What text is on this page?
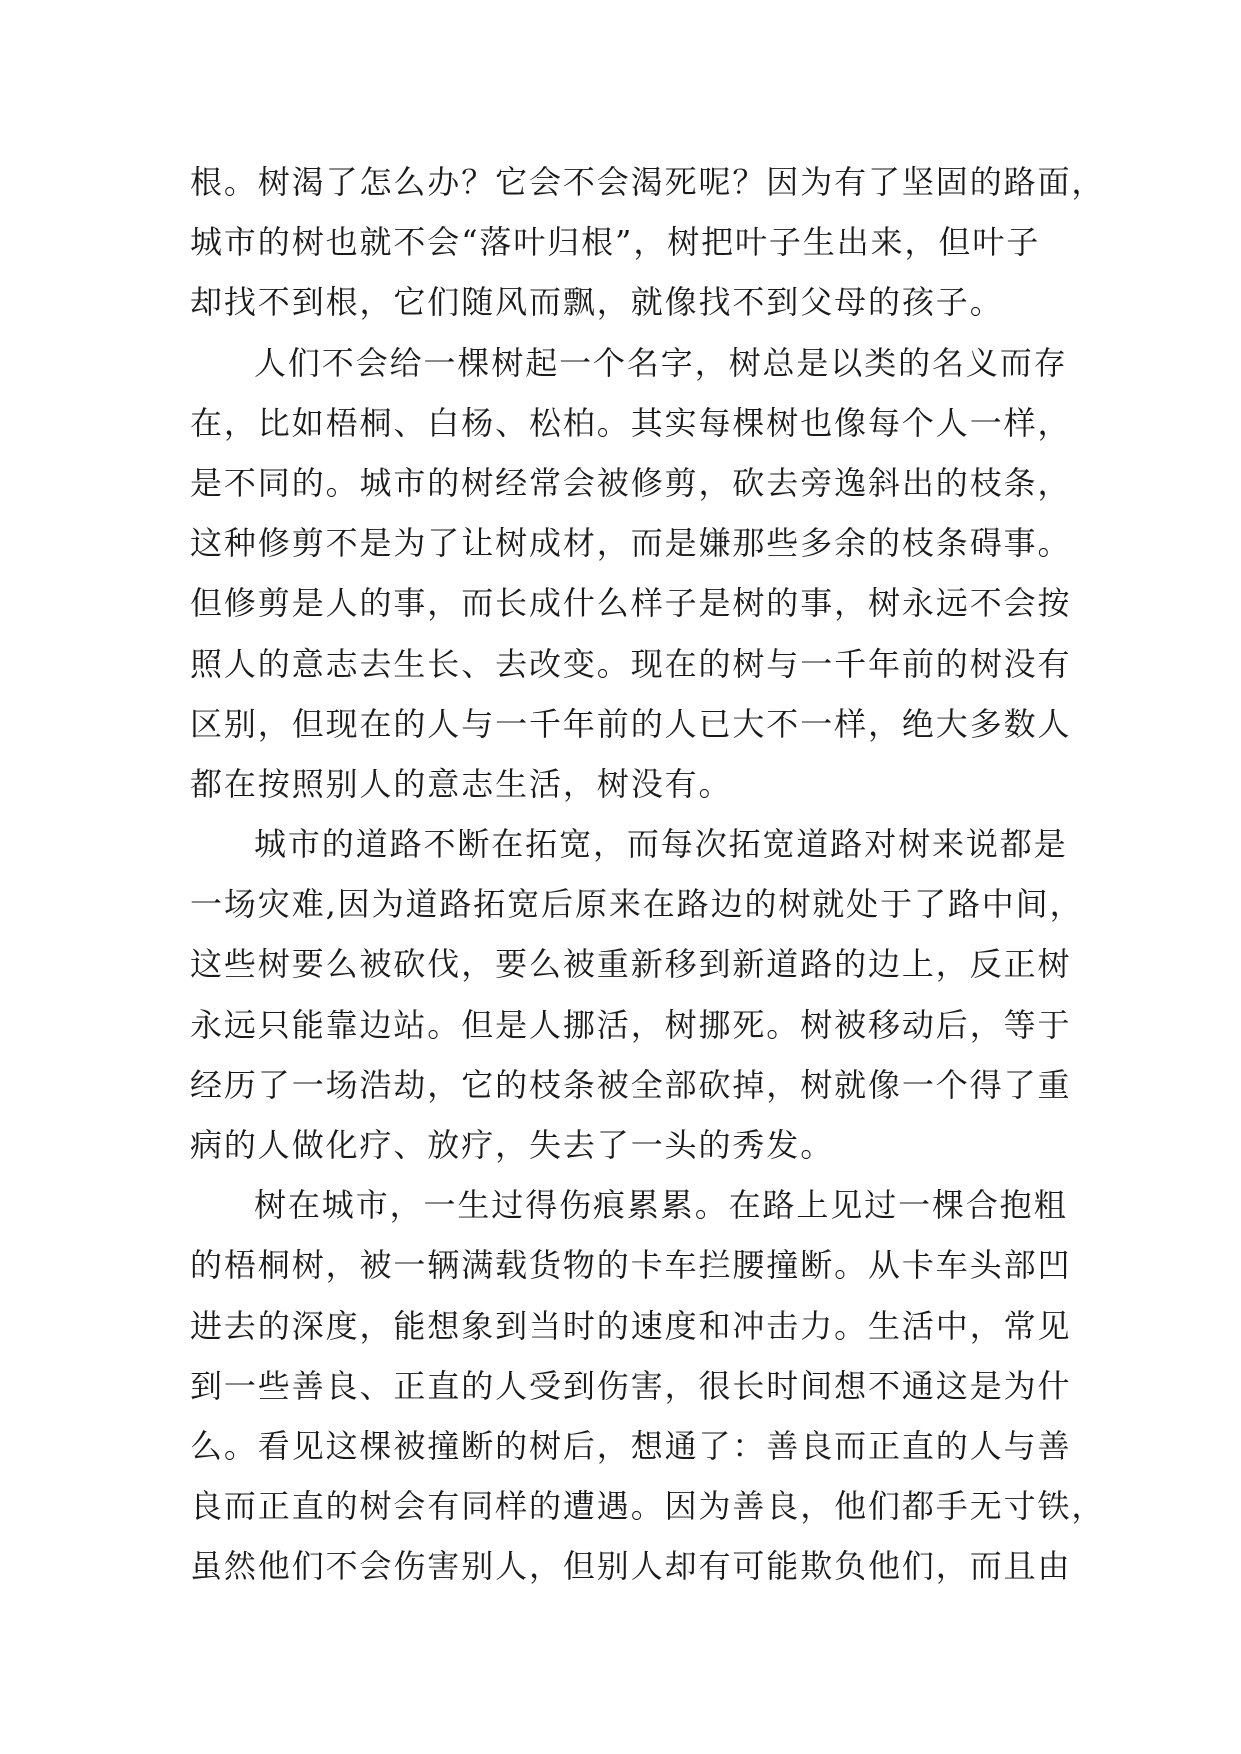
根。树渴了怎么办？它会不会渴死呢？因为有了坚固的路面，
城市的树也就不会“落叶归根”，树把叶子生出来，但叶子
却找不到根，它们随风而飘，就像找不到父母的孩子。
人们不会给一棵树起一个名字，树总是以类的名义而存
在，比如梧桐、白杨、松柏。其实每棵树也像每个人一样，
是不同的。城市的树经常会被修剪，砍去旁逸斜出的枝条，
这种修剪不是为了让树成材，而是嫌那些多余的枝条碍事。
但修剪是人的事，而长成什么样子是树的事，树永远不会按
照人的意志去生长、去改变。现在的树与一千年前的树没有
区别，但现在的人与一千年前的人已大不一样，绝大多数人
都在按照别人的意志生活，树没有。
城市的道路不断在拓宽，而每次拓宽道路对树来说都是
一场灾难,因为道路拓宽后原来在路边的树就处于了路中间，
这些树要么被砍伐，要么被重新移到新道路的边上，反正树
永远只能靠边站。但是人挪活，树挪死。树被移动后，等于
经历了一场浩劫，它的枝条被全部砍掉，树就像一个得了重
病的人做化疗、放疗，失去了一头的秀发。
树在城市，一生过得伤痕累累。在路上见过一棵合抱粗
的梧桐树，被一辆满载货物的卡车拦腰撞断。从卡车头部凹
进去的深度，能想象到当时的速度和冲击力。生活中，常见
到一些善良、正直的人受到伤害，很长时间想不通这是为什
么。看见这棵被撞断的树后，想通了：善良而正直的人与善
良而正直的树会有同样的遭遇。因为善良，他们都手无寸铁，
虽然他们不会伤害别人，但别人却有可能欺负他们，而且由
